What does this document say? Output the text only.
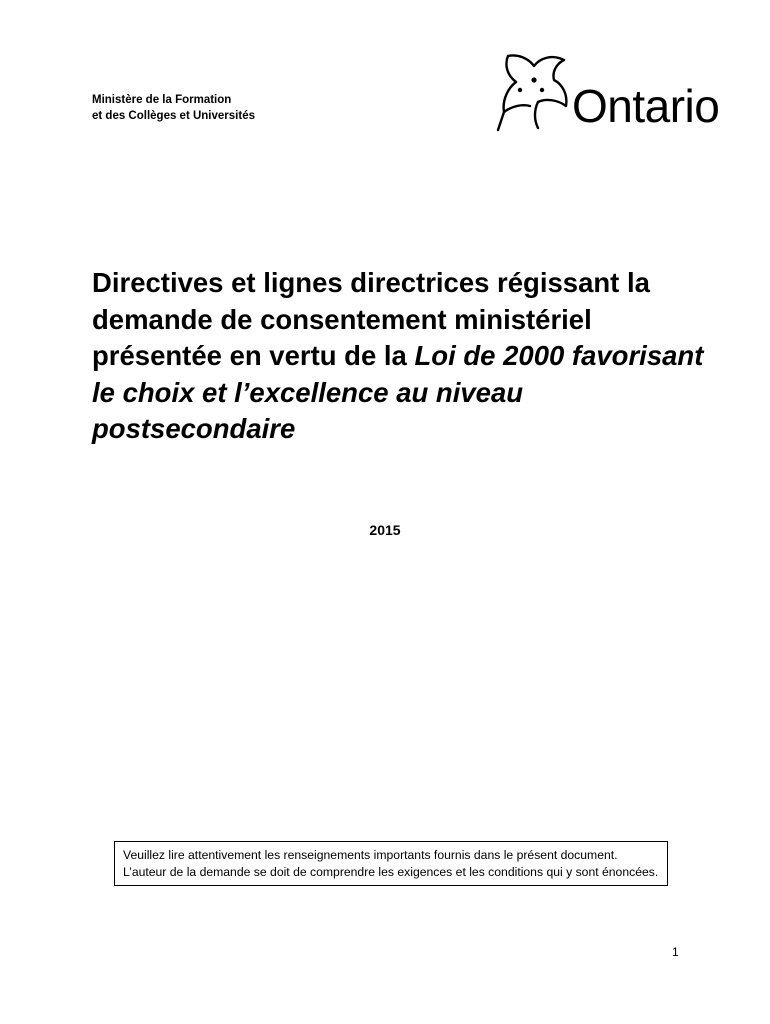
Ministère de la Formation
et des Collèges et Universités	Ontario
Directives et lignes directrices régissant la demande de consentement ministériel présentée en vertu de la Loi de 2000 favorisant le choix et l’excellence au niveau postsecondaire
2015
Veuillez lire attentivement les renseignements importants fournis dans le présent document. L’auteur de la demande se doit de comprendre les exigences et les conditions qui y sont énoncées.
1
